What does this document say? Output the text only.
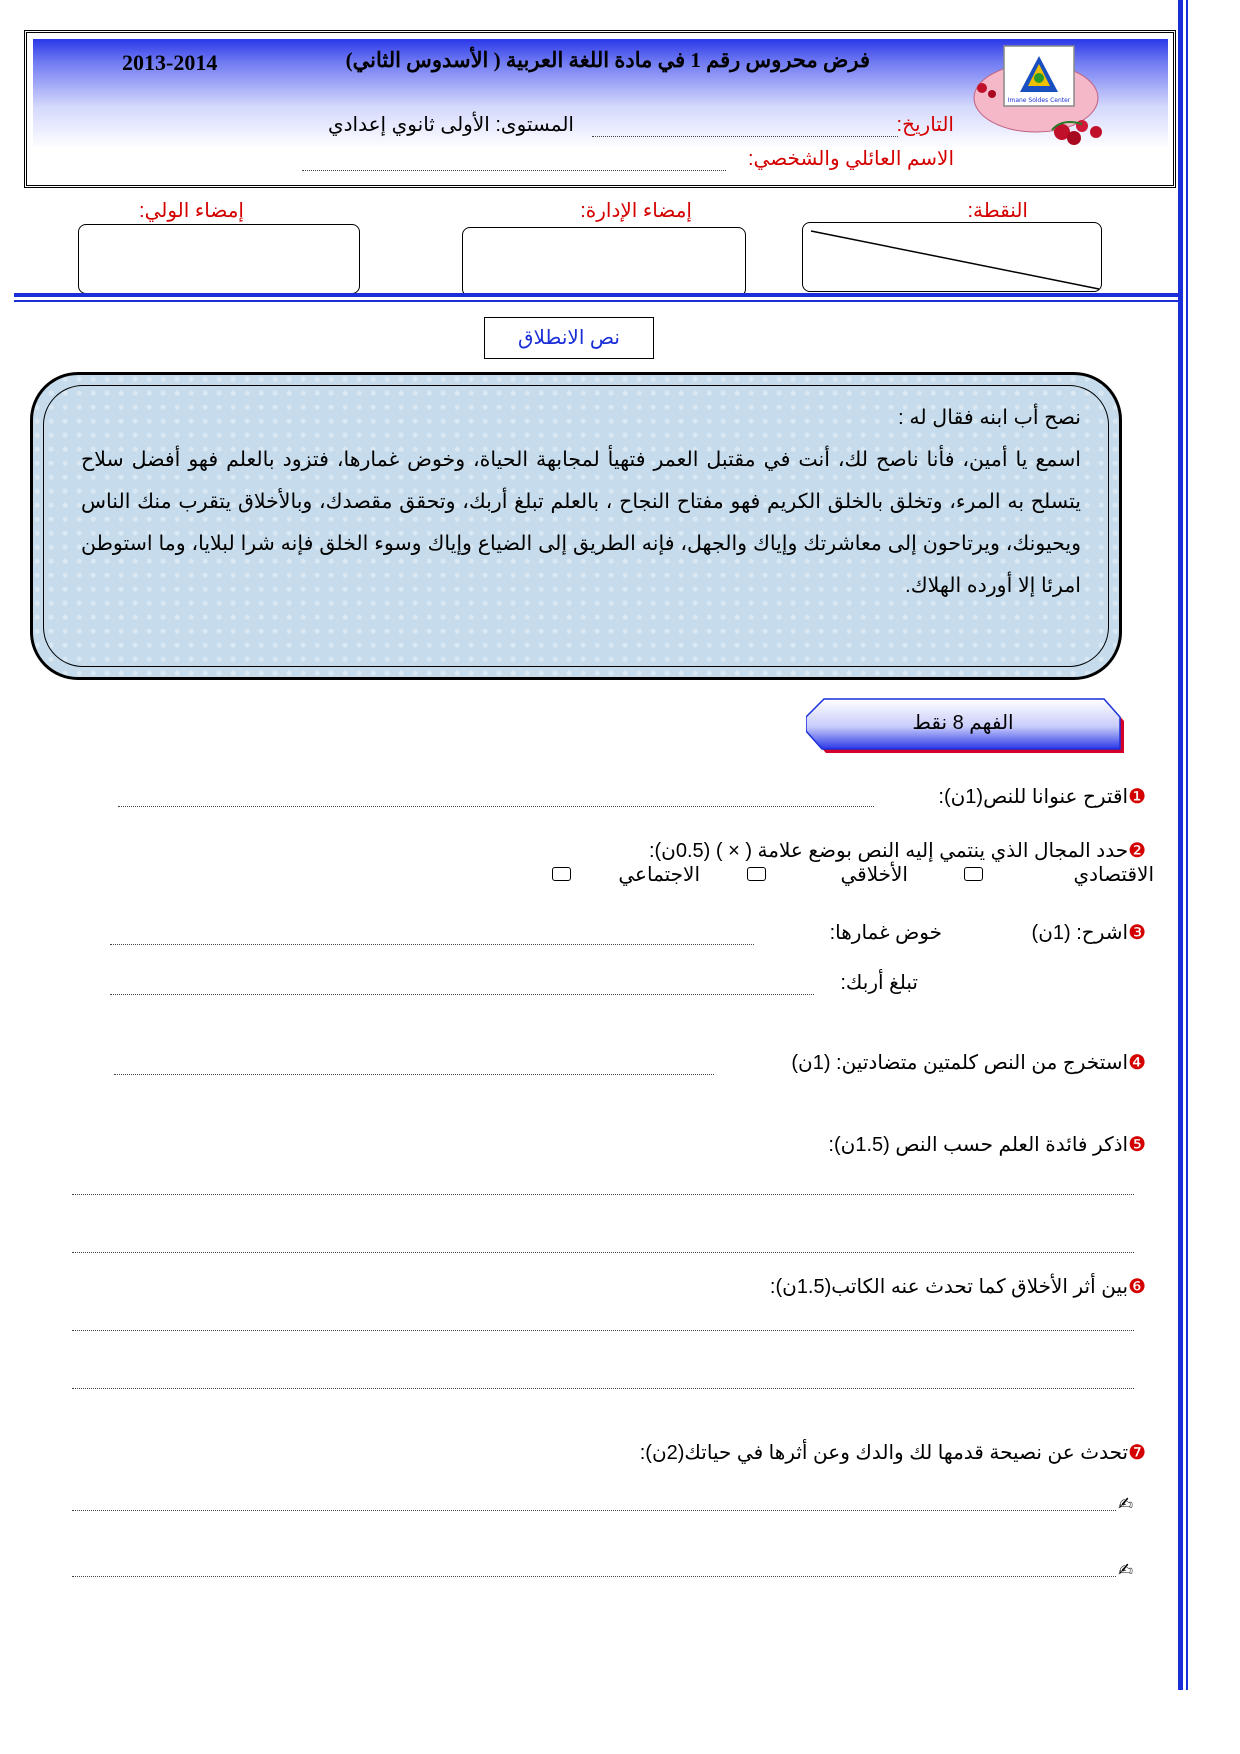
Imane Soldes Center
فرض محروس رقم 1 في مادة اللغة العربية ( الأسدوس الثاني)
2013-2014
التاريخ:
المستوى: الأولى ثانوي إعدادي
الاسم العائلي والشخصي:
النقطة:
إمضاء الإدارة:
إمضاء الولي:
نص الانطلاق

نصح أب ابنه فقال له :

اسمع يا أمين، فأنا ناصح لك، أنت في مقتبل العمر فتهيأ لمجابهة الحياة، وخوض غمارها، فتزود بالعلم فهو أفضل سلاح يتسلح به المرء، وتخلق بالخلق الكريم فهو مفتاح النجاح ، بالعلم تبلغ أربك، وتحقق مقصدك، وبالأخلاق يتقرب منك الناس ويحيونك، ويرتاحون إلى معاشرتك وإياك والجهل، فإنه الطريق إلى الضياع وإياك وسوء الخلق فإنه شرا لبلايا، وما استوطن امرئا إلا أورده الهلاك.

الفهم 8 نقط
❶اقترح عنوانا للنص(1ن):
❷حدد المجال الذي ينتمي إليه النص بوضع علامة ( × ) (0.5ن):
الاقتصادي
الأخلاقي
الاجتماعي
❸اشرح: (1ن)
خوض غمارها:
تبلغ أربك:
❹استخرج من النص كلمتين متضادتين: (1ن)
❺اذكر فائدة العلم حسب النص (1.5ن):
❻بين أثر الأخلاق كما تحدث عنه الكاتب(1.5ن):
❼تحدث عن نصيحة قدمها لك والدك وعن أثرها في حياتك(2ن):
✍
✍
